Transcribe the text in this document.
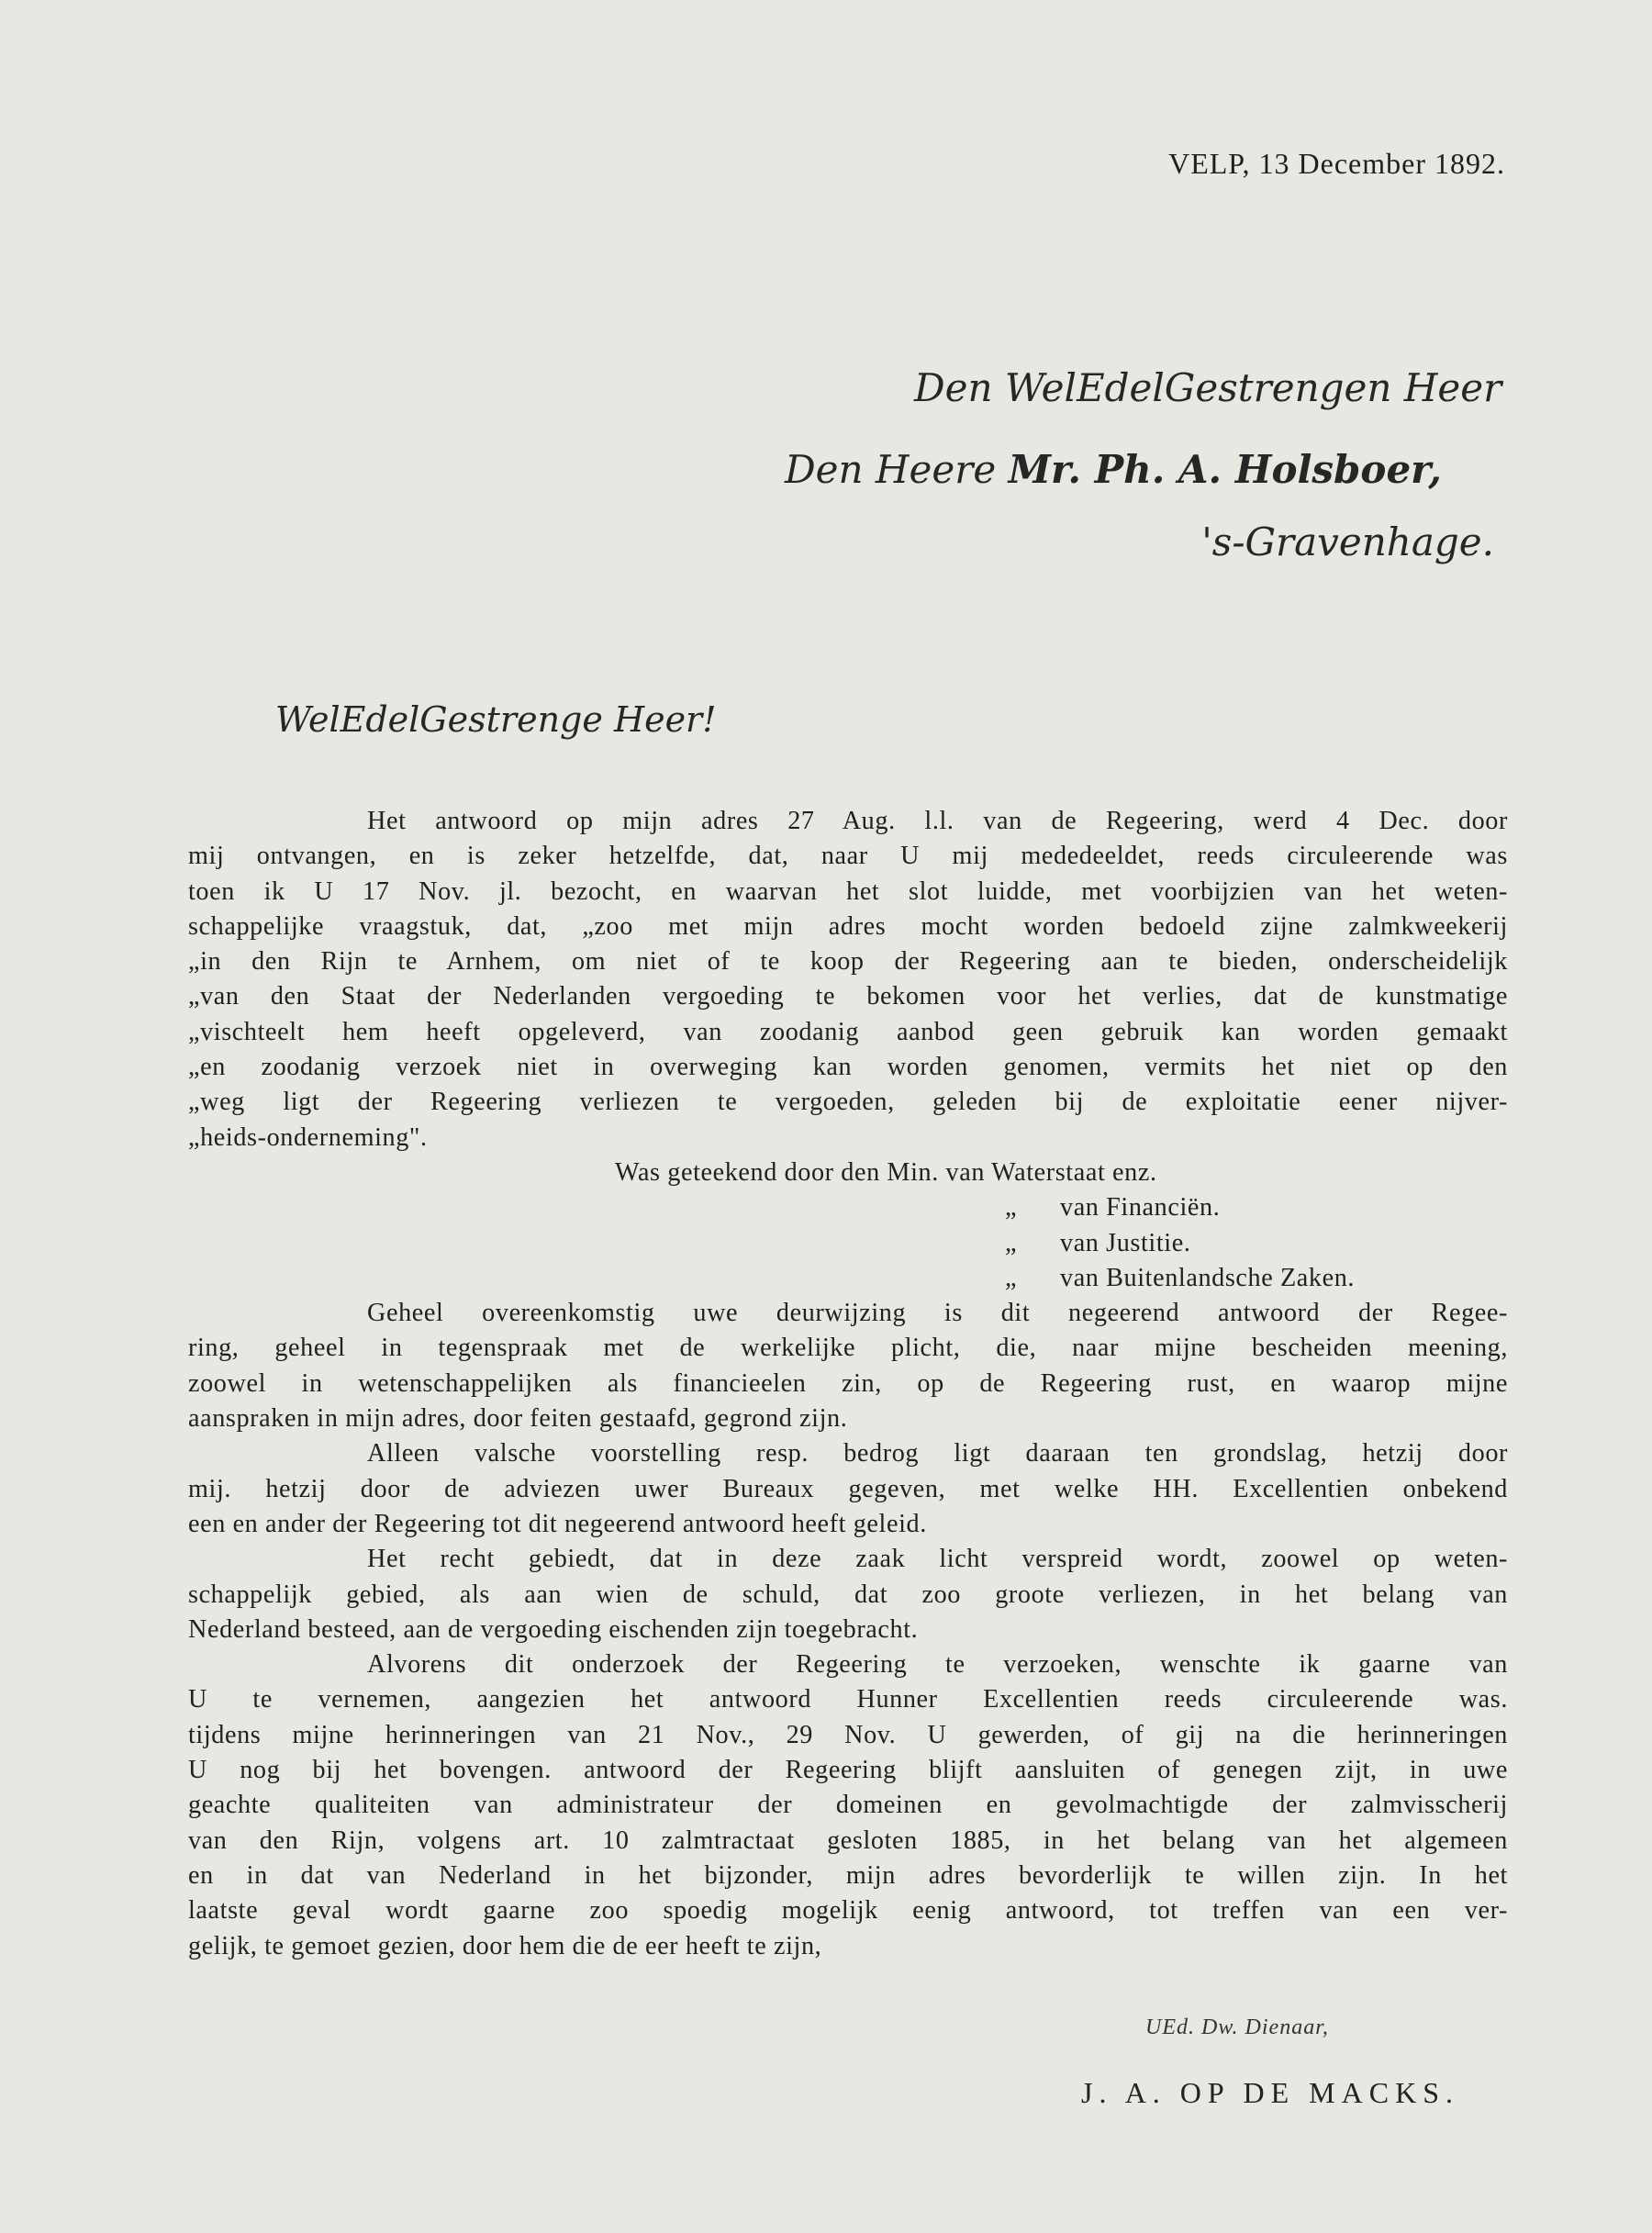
VELP, 13 December 1892.
Den WelEdelGestrengen Heer
Den Heere Mr. Ph. A. Holsboer,
's-Gravenhage.
WelEdelGestrenge Heer!
Het antwoord op mijn adres 27 Aug. l.l. van de Regeering, werd 4 Dec. door
mij ontvangen, en is zeker hetzelfde, dat, naar U mij mededeeldet, reeds circuleerende was
toen ik U 17 Nov. jl. bezocht, en waarvan het slot luidde, met voorbijzien van het weten-
schappelijke vraagstuk, dat, „zoo met mijn adres mocht worden bedoeld zijne zalmkweekerij
„in den Rijn te Arnhem, om niet of te koop der Regeering aan te bieden, onderscheidelijk
„van den Staat der Nederlanden vergoeding te bekomen voor het verlies, dat de kunstmatige
„vischteelt hem heeft opgeleverd, van zoodanig aanbod geen gebruik kan worden gemaakt
„en zoodanig verzoek niet in overweging kan worden genomen, vermits het niet op den
„weg ligt der Regeering verliezen te vergoeden, geleden bij de exploitatie eener nijver-
„heids-onderneming".
Was geteekend door den Min. van Waterstaat enz.
„ van Financiën.
„ van Justitie.
„ van Buitenlandsche Zaken.
Geheel overeenkomstig uwe deurwijzing is dit negeerend antwoord der Regee-
ring, geheel in tegenspraak met de werkelijke plicht, die, naar mijne bescheiden meening,
zoowel in wetenschappelijken als financieelen zin, op de Regeering rust, en waarop mijne
aanspraken in mijn adres, door feiten gestaafd, gegrond zijn.
Alleen valsche voorstelling resp. bedrog ligt daaraan ten grondslag, hetzij door
mij. hetzij door de adviezen uwer Bureaux gegeven, met welke HH. Excellentien onbekend
een en ander der Regeering tot dit negeerend antwoord heeft geleid.
Het recht gebiedt, dat in deze zaak licht verspreid wordt, zoowel op weten-
schappelijk gebied, als aan wien de schuld, dat zoo groote verliezen, in het belang van
Nederland besteed, aan de vergoeding eischenden zijn toegebracht.
Alvorens dit onderzoek der Regeering te verzoeken, wenschte ik gaarne van
U te vernemen, aangezien het antwoord Hunner Excellentien reeds circuleerende was.
tijdens mijne herinneringen van 21 Nov., 29 Nov. U gewerden, of gij na die herinneringen
U nog bij het bovengen. antwoord der Regeering blijft aansluiten of genegen zijt, in uwe
geachte qualiteiten van administrateur der domeinen en gevolmachtigde der zalmvisscherij
van den Rijn, volgens art. 10 zalmtractaat gesloten 1885, in het belang van het algemeen
en in dat van Nederland in het bijzonder, mijn adres bevorderlijk te willen zijn. In het
laatste geval wordt gaarne zoo spoedig mogelijk eenig antwoord, tot treffen van een ver-
gelijk, te gemoet gezien, door hem die de eer heeft te zijn,
UEd. Dw. Dienaar,
J. A. OP DE MACKS.
